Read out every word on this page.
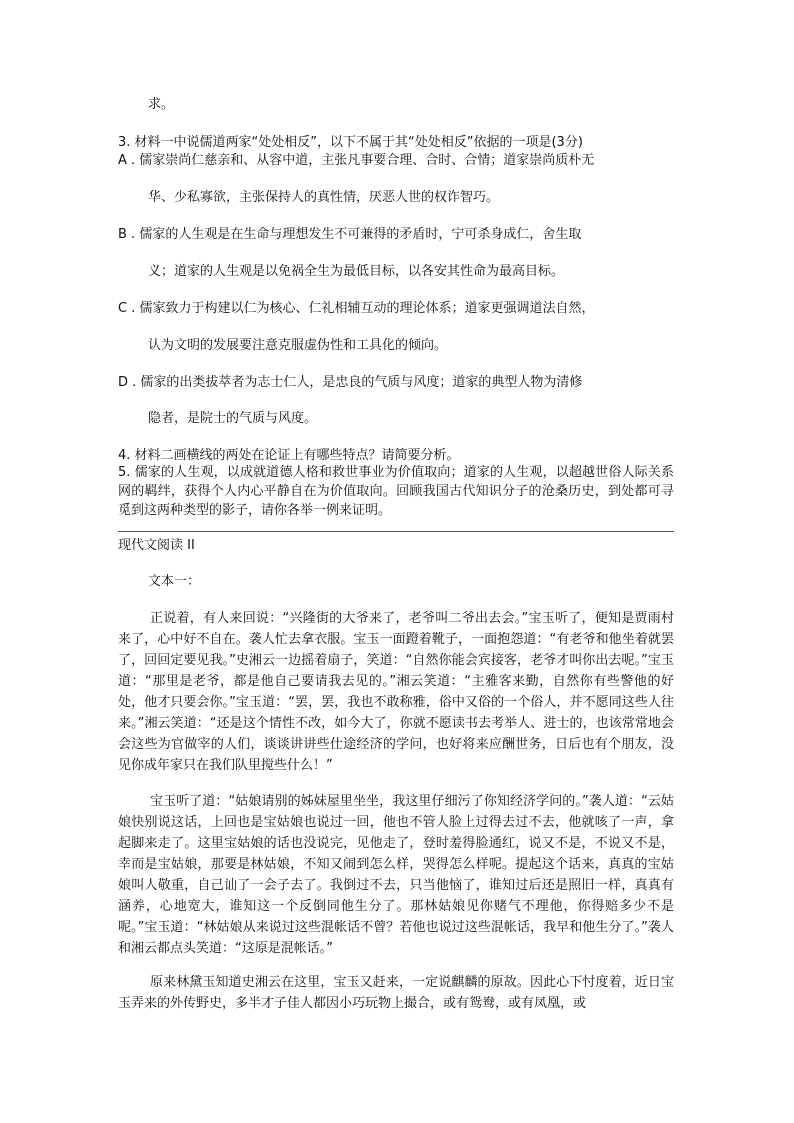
求。

3. 材料一中说儒道两家“处处相反”，以下不属于其“处处相反”依据的一项是(3分)

A . 儒家崇尚仁慈亲和、从容中道，主张凡事要合理、合时、合情；道家崇尚质朴无

华、少私寡欲，主张保持人的真性情，厌恶人世的权诈智巧。

B . 儒家的人生观是在生命与理想发生不可兼得的矛盾时，宁可杀身成仁，舍生取

义；道家的人生观是以免祸全生为最低目标，以各安其性命为最高目标。

C . 儒家致力于构建以仁为核心、仁礼相辅互动的理论体系；道家更强调道法自然，

认为文明的发展要注意克服虚伪性和工具化的倾向。

D . 儒家的出类拔萃者为志士仁人，是忠良的气质与风度；道家的典型人物为清修

隐者，是院士的气质与风度。

4. 材料二画横线的两处在论证上有哪些特点？请简要分析。

5. 儒家的人生观，以成就道德人格和救世事业为价值取向；道家的人生观，以超越世俗人际关系网的羁绊，获得个人内心平静自在为价值取向。回顾我国古代知识分子的沧桑历史，到处都可寻觅到这两种类型的影子，请你各举一例来证明。

现代文阅读 II

文本一：

正说着，有人来回说：“兴隆街的大爷来了，老爷叫二爷出去会。”宝玉听了，便知是贾雨村来了，心中好不自在。袭人忙去拿衣服。宝玉一面蹬着靴子，一面抱怨道：“有老爷和他坐着就罢了，回回定要见我。”史湘云一边摇着扇子，笑道：“自然你能会宾接客，老爷才叫你出去呢。”宝玉道：“那里是老爷，都是他自己要请我去见的。”湘云笑道：“主雅客来勤，自然你有些警他的好处，他才只要会你。”宝玉道：“罢，罢，我也不敢称雅，俗中又俗的一个俗人，并不愿同这些人往来。”湘云笑道：“还是这个情性不改，如今大了，你就不愿读书去考举人、进士的，也该常常地会会这些为官做宰的人们，谈谈讲讲些仕途经济的学问，也好将来应酬世务，日后也有个朋友，没见你成年家只在我们队里搅些什么！”

宝玉听了道：“姑娘请别的姊妹屋里坐坐，我这里仔细污了你知经济学问的。”袭人道：“云姑娘快别说这话，上回也是宝姑娘也说过一回，他也不管人脸上过得去过不去，他就咳了一声，拿起脚来走了。这里宝姑娘的话也没说完，见他走了，登时羞得脸通红，说又不是，不说又不是，幸而是宝姑娘，那要是林姑娘，不知又闹到怎么样，哭得怎么样呢。提起这个话来，真真的宝姑娘叫人敬重，自己讪了一会子去了。我倒过不去，只当他恼了，谁知过后还是照旧一样，真真有涵养，心地宽大，谁知这一个反倒同他生分了。那林姑娘见你赌气不理他，你得赔多少不是呢。”宝玉道：“林姑娘从来说过这些混帐话不曾？若他也说过这些混帐话，我早和他生分了。”袭人和湘云都点头笑道：“这原是混帐话。”

原来林黛玉知道史湘云在这里，宝玉又赶来，一定说麒麟的原故。因此心下忖度着，近日宝玉弄来的外传野史，多半才子佳人都因小巧玩物上撮合，或有鸳鸯，或有凤凰，或
